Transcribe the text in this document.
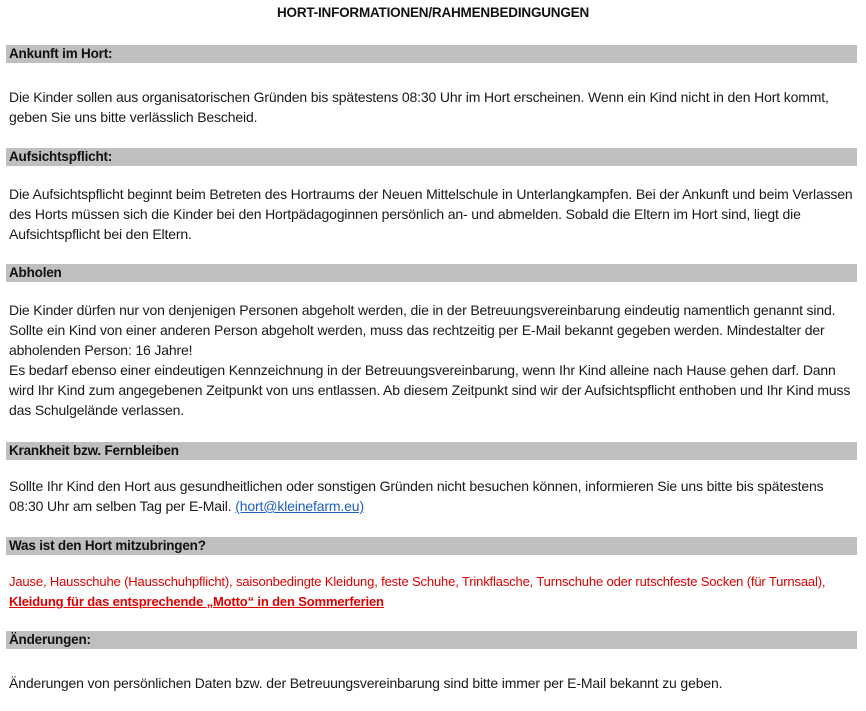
HORT-INFORMATIONEN/RAHMENBEDINGUNGEN
Ankunft im Hort:

Die Kinder sollen aus organisatorischen Gründen bis spätestens 08:30 Uhr im Hort erscheinen. Wenn ein Kind nicht in den Hort kommt, geben Sie uns bitte verlässlich Bescheid.

Aufsichtspflicht:

Die Aufsichtspflicht beginnt beim Betreten des Hortraums der Neuen Mittelschule in Unterlangkampfen. Bei der Ankunft und beim Verlassen des Horts müssen sich die Kinder bei den Hortpädagoginnen persönlich an- und abmelden. Sobald die Eltern im Hort sind, liegt die Aufsichtspflicht bei den Eltern.

Abholen

Die Kinder dürfen nur von denjenigen Personen abgeholt werden, die in der Betreuungsvereinbarung eindeutig namentlich genannt sind. Sollte ein Kind von einer anderen Person abgeholt werden, muss das rechtzeitig per E-Mail bekannt gegeben werden. Mindestalter der abholenden Person: 16 Jahre!

Es bedarf ebenso einer eindeutigen Kennzeichnung in der Betreuungsvereinbarung, wenn Ihr Kind alleine nach Hause gehen darf. Dann wird Ihr Kind zum angegebenen Zeitpunkt von uns entlassen. Ab diesem Zeitpunkt sind wir der Aufsichtspflicht enthoben und Ihr Kind muss das Schulgelände verlassen.

Krankheit bzw. Fernbleiben

Sollte Ihr Kind den Hort aus gesundheitlichen oder sonstigen Gründen nicht besuchen können, informieren Sie uns bitte bis spätestens 08:30 Uhr am selben Tag per E-Mail. (hort@kleinefarm.eu)

Was ist den Hort mitzubringen?

Jause, Hausschuhe (Hausschuhpflicht), saisonbedingte Kleidung, feste Schuhe, Trinkflasche, Turnschuhe oder rutschfeste Socken (für Turnsaal), Kleidung für das entsprechende „Motto“ in den Sommerferien

Änderungen:

Änderungen von persönlichen Daten bzw. der Betreuungsvereinbarung sind bitte immer per E-Mail bekannt zu geben.
